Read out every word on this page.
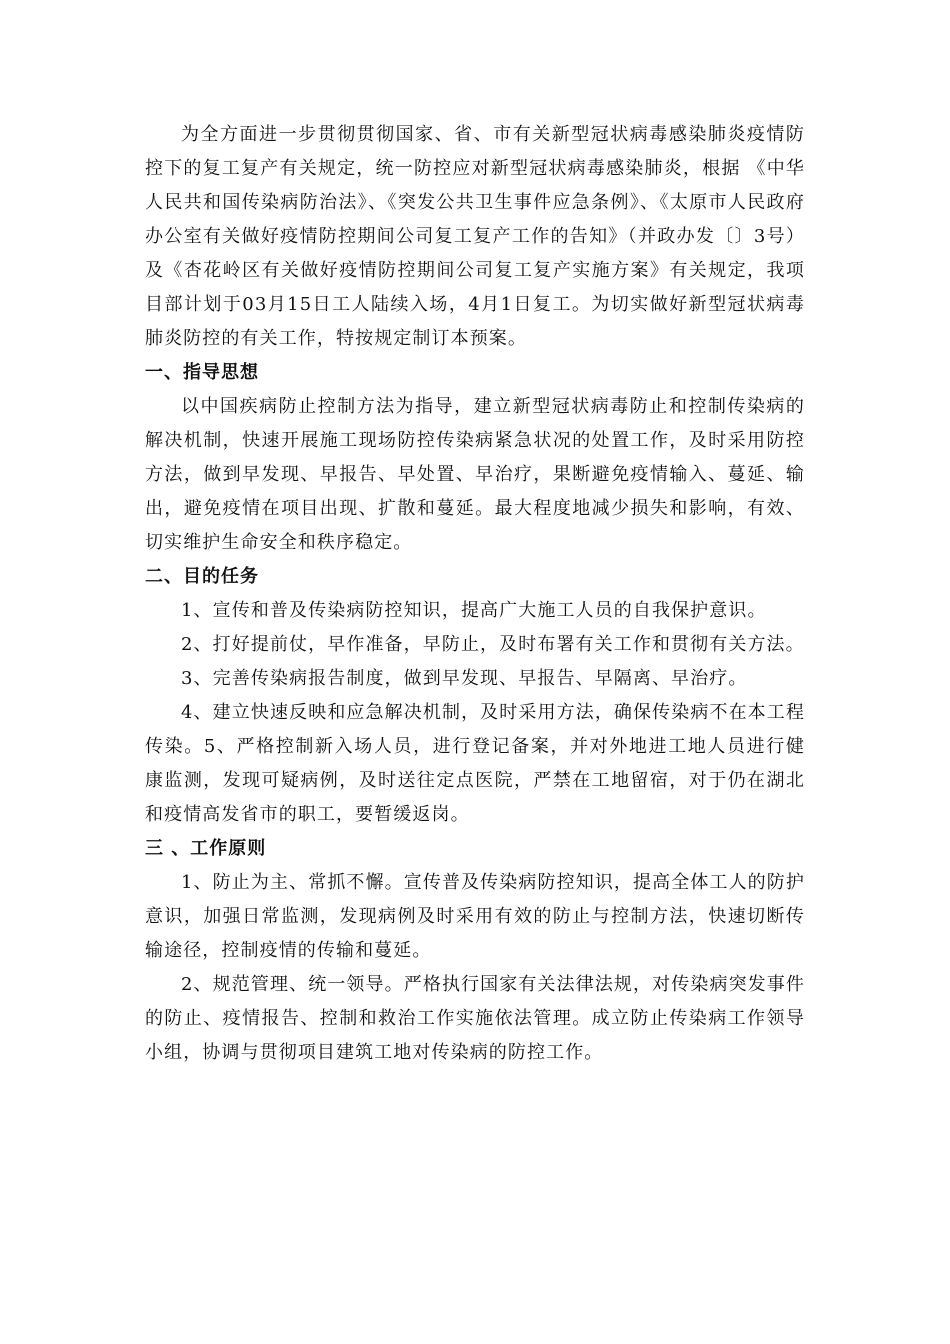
为全方面进一步贯彻贯彻国家、省、市有关新型冠状病毒感染肺炎疫情防控下的复工复产有关规定，统一防控应对新型冠状病毒感染肺炎，根据 《中华人民共和国传染病防治法》、《突发公共卫生事件应急条例》、《太原市人民政府办公室有关做好疫情防控期间公司复工复产工作的告知》（并政办发〔〕3号）及《杏花岭区有关做好疫情防控期间公司复工复产实施方案》有关规定，我项目部计划于03月15日工人陆续入场，4月1日复工。为切实做好新型冠状病毒肺炎防控的有关工作，特按规定制订本预案。

一、指导思想

以中国疾病防止控制方法为指导，建立新型冠状病毒防止和控制传染病的解决机制，快速开展施工现场防控传染病紧急状况的处置工作，及时采用防控方法，做到早发现、早报告、早处置、早治疗，果断避免疫情输入、蔓延、输出，避免疫情在项目出现、扩散和蔓延。最大程度地减少损失和影响，有效、切实维护生命安全和秩序稳定。

二、目的任务

1、宣传和普及传染病防控知识，提高广大施工人员的自我保护意识。

2、打好提前仗，早作准备，早防止，及时布署有关工作和贯彻有关方法。

3、完善传染病报告制度，做到早发现、早报告、早隔离、早治疗。

4、建立快速反映和应急解决机制，及时采用方法，确保传染病不在本工程传染。5、严格控制新入场人员，进行登记备案，并对外地进工地人员进行健康监测，发现可疑病例，及时送往定点医院，严禁在工地留宿，对于仍在湖北和疫情高发省市的职工，要暂缓返岗。

三 、工作原则

1、防止为主、常抓不懈。宣传普及传染病防控知识，提高全体工人的防护意识，加强日常监测，发现病例及时采用有效的防止与控制方法，快速切断传输途径，控制疫情的传输和蔓延。

2、规范管理、统一领导。严格执行国家有关法律法规，对传染病突发事件的防止、疫情报告、控制和救治工作实施依法管理。成立防止传染病工作领导小组，协调与贯彻项目建筑工地对传染病的防控工作。
